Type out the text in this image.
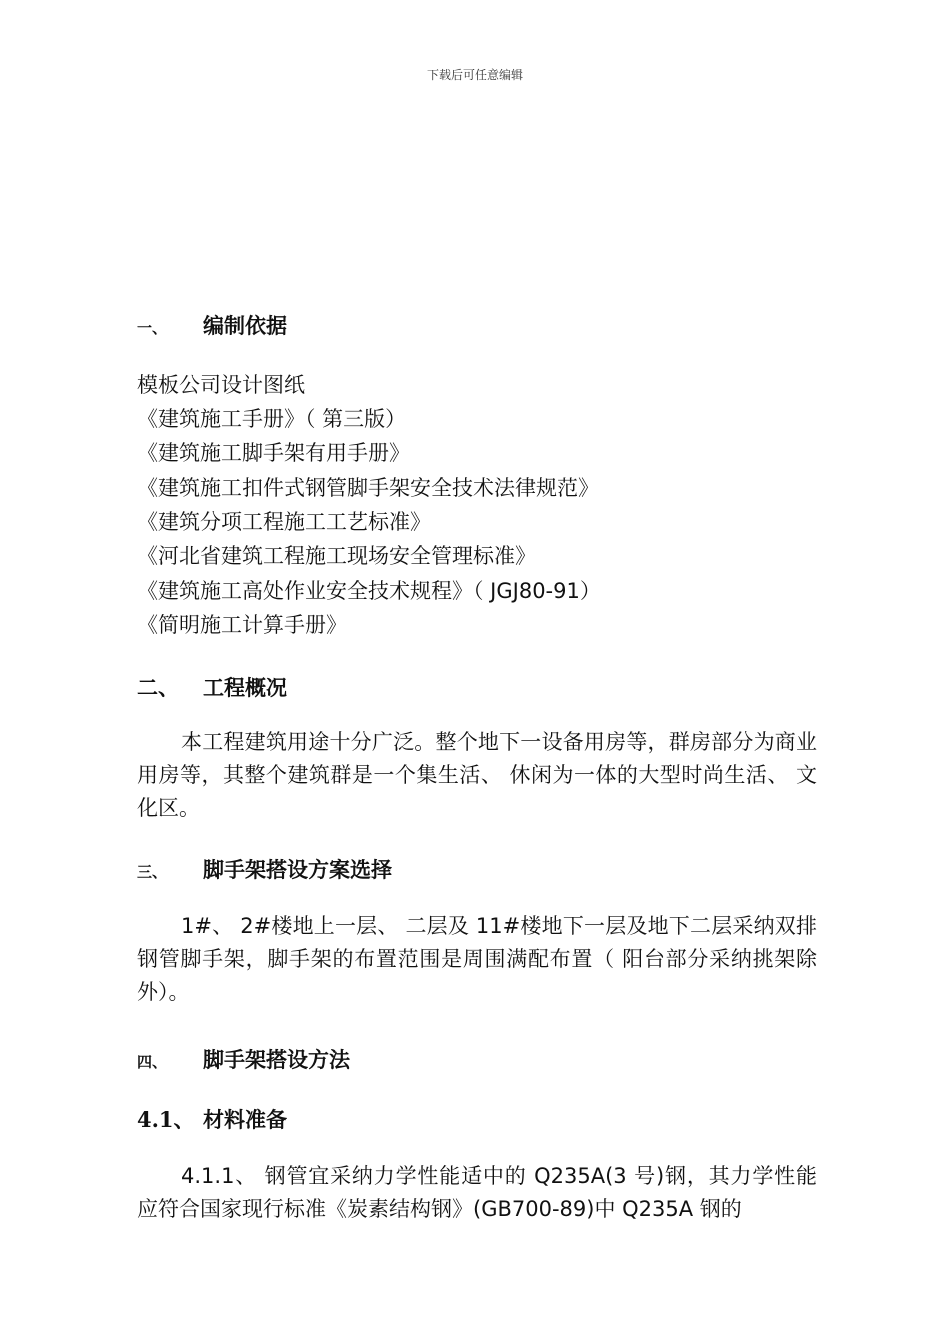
下载后可任意编辑
一、 编制依据
模板公司设计图纸
《建筑施工手册》（ 第三版）
《建筑施工脚手架有用手册》
《建筑施工扣件式钢管脚手架安全技术法律规范》
《建筑分项工程施工工艺标准》
《河北省建筑工程施工现场安全管理标准》
《建筑施工高处作业安全技术规程》（ JGJ80-91）
《简明施工计算手册》
二、 工程概况
本工程建筑用途十分广泛。整个地下一设备用房等，群房部分为商业用房等，其整个建筑群是一个集生活、 休闲为一体的大型时尚生活、 文化区。
三、 脚手架搭设方案选择
1#、 2#楼地上一层、 二层及 11#楼地下一层及地下二层采纳双排钢管脚手架，脚手架的布置范围是周围满配布置（ 阳台部分采纳挑架除外）。
四、 脚手架搭设方法
4.1、 材料准备
4.1.1、 钢管宜采纳力学性能适中的 Q235A(3 号)钢，其力学性能应符合国家现行标准《炭素结构钢》(GB700-89)中 Q235A 钢的
